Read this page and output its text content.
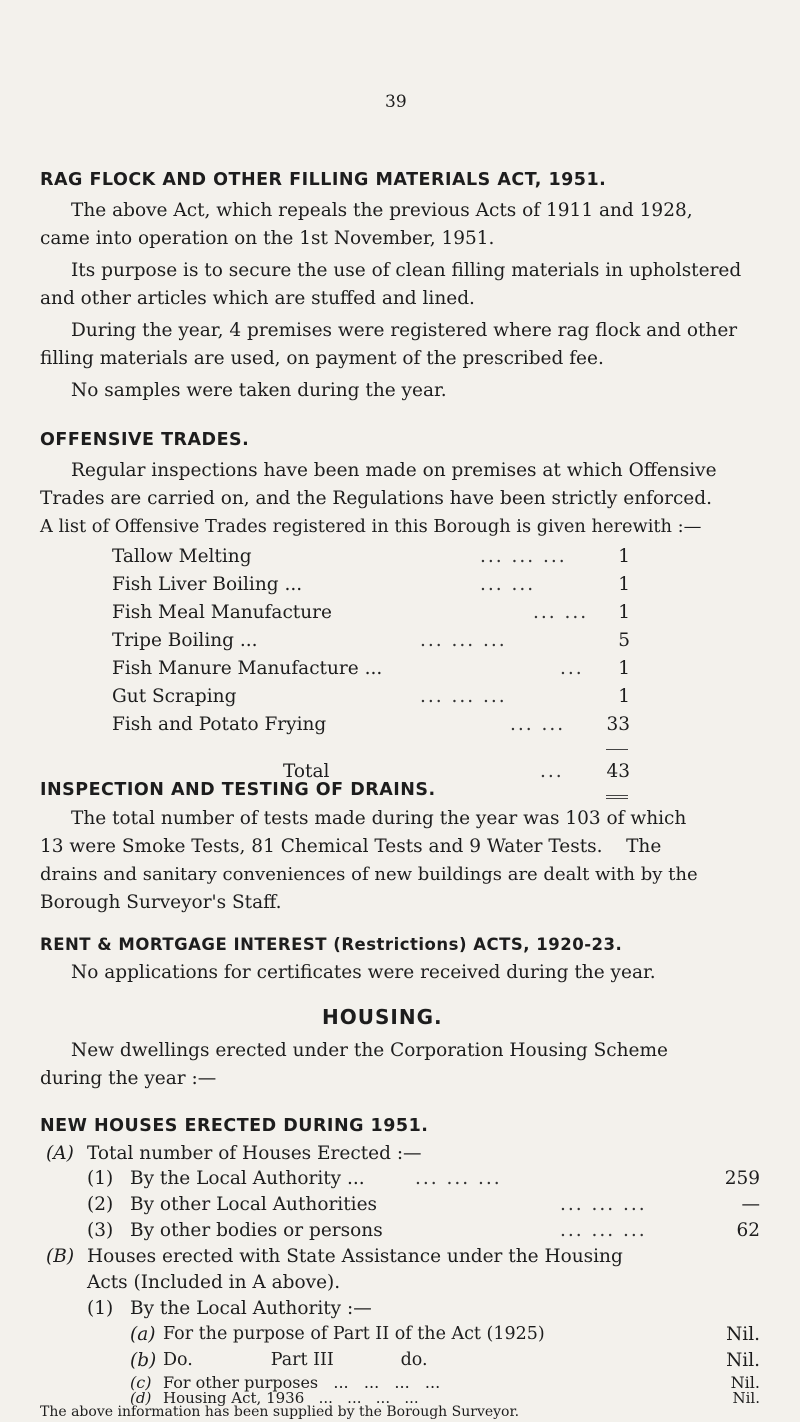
39
RAG FLOCK AND OTHER FILLING MATERIALS ACT, 1951.
The above Act, which repeals the previous Acts of 1911 and 1928,
came into operation on the 1st November, 1951.
Its purpose is to secure the use of clean filling materials in upholstered
and other articles which are stuffed and lined.
During the year, 4 premises were registered where rag flock and other
filling materials are used, on payment of the prescribed fee.
No samples were taken during the year.
OFFENSIVE TRADES.
Regular inspections have been made on premises at which Offensive
Trades are carried on, and the Regulations have been strictly enforced.
A list of Offensive Trades registered in this Borough is given herewith :—
Tallow Melting	... ... ...	1
Fish Liver Boiling ...	... ...	1
Fish Meal Manufacture	... ...	1
Tripe Boiling ...	... ... ...	5
Fish Manure Manufacture ...	...	1
Gut Scraping	... ... ...	1
Fish and Potato Frying	... ...	33
Total	...	43
INSPECTION AND TESTING OF DRAINS.
The total number of tests made during the year was 103 of which
13 were Smoke Tests, 81 Chemical Tests and 9 Water Tests.    The
drains and sanitary conveniences of new buildings are dealt with by the
Borough Surveyor's Staff.
RENT & MORTGAGE INTEREST (Restrictions) ACTS, 1920-23.
No applications for certificates were received during the year.
HOUSING.
New dwellings erected under the Corporation Housing Scheme
during the year :—
NEW HOUSES ERECTED DURING 1951.
(A) Total number of Houses Erected :—
(1) By the Local Authority ...	... ... ...	259
(2) By other Local Authorities	... ... ...	—
(3) By other bodies or persons	... ... ...	62
(B) Houses erected with State Assistance under the Housing
Acts (Included in A above).
(1) By the Local Authority :—
(a) For the purpose of Part II of the Act (1925)	Nil.
(b) Do.              Part III            do.	Nil.
(c) For other purposes   ...   ...   ...   ...	Nil.
(d) Housing Act, 1936   ...   ...   ...   ...	Nil.
The above information has been supplied by the Borough Surveyor.
